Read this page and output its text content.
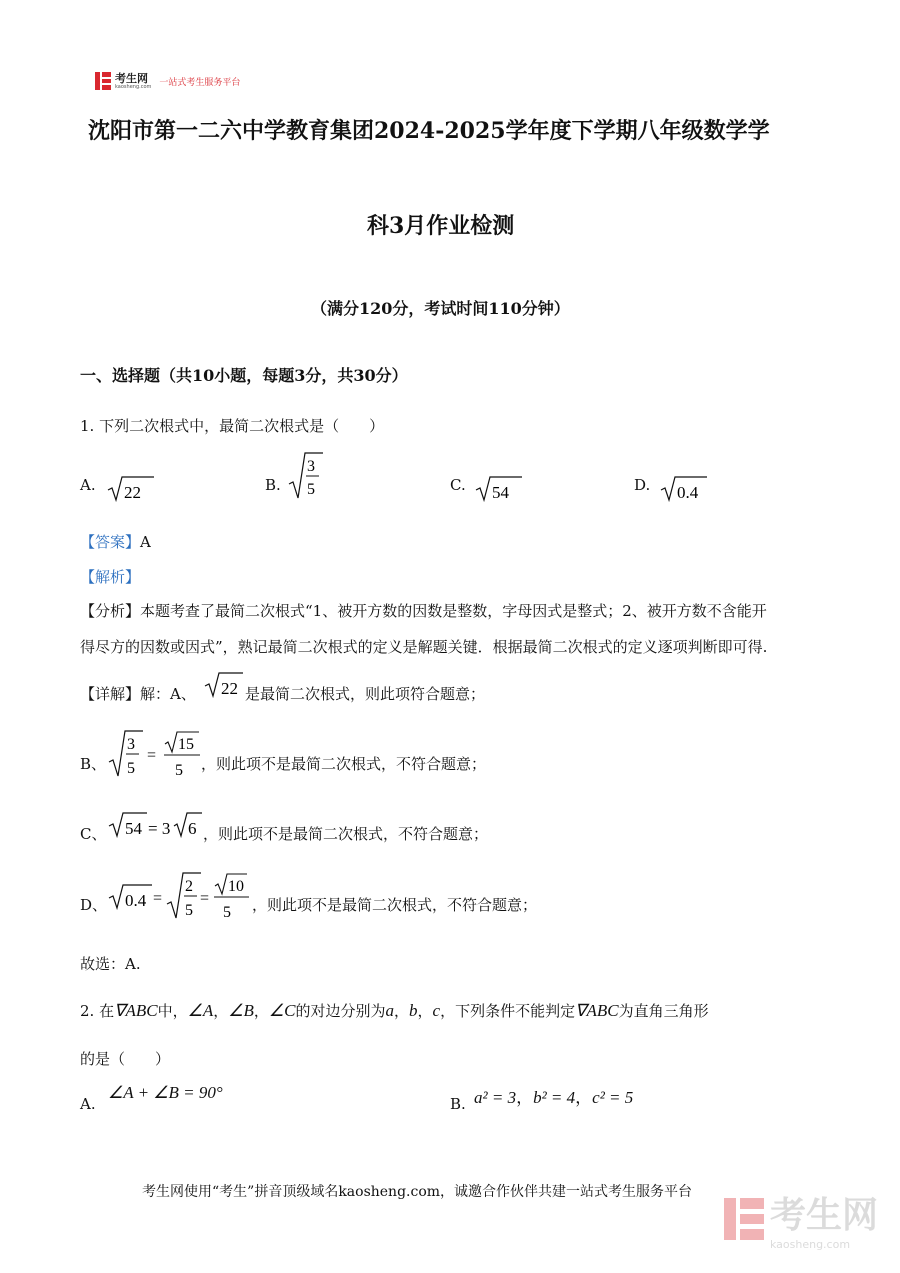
考生网
kaosheng.com 一站式考生服务平台
沈阳市第一二六中学教育集团2024-2025学年度下学期八年级数学学
科3月作业检测
（满分120分，考试时间110分钟）
一、选择题（共10小题，每题3分，共30分）
1. 下列二次根式中，最简二次根式是（　　）
A. 22	B.
3
5	C. 54	D. 0.4
【答案】A
【解析】
【分析】本题考查了最简二次根式“1、被开方数的因数是整数，字母因式是整式；2、被开方数不含能开
得尽方的因数或因式”，熟记最简二次根式的定义是解题关键．根据最简二次根式的定义逐项判断即可得.
【详解】解：A、 22 是最简二次根式，则此项符合题意；
B、
3
5
=
15
5 ，则此项不是最简二次根式，不符合题意；
C、 54 = 3 6 ，则此项不是最简二次根式，不符合题意；
D、 0.4 =
2
5
=
10
5 ，则此项不是最简二次根式，不符合题意；
故选：A.
2. 在∇ABC中，∠A，∠B，∠C的对边分别为a，b，c，下列条件不能判定∇ABC为直角三角形
的是（　　）
A.
∠A + ∠B = 90°
B. a² = 3，b² = 4，c² = 5
考生网使用“考生”拼音顶级域名kaosheng.com，诚邀合作伙伴共建一站式考生服务平台
考生网
kaosheng.com
